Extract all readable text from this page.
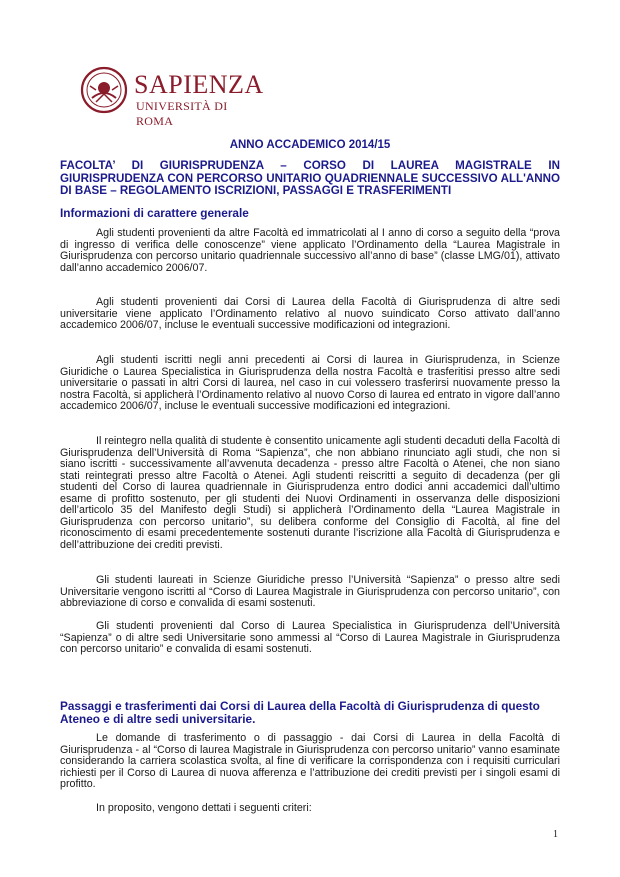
SAPIENZA
UNIVERSITÀ DI ROMA
ANNO ACCADEMICO 2014/15
FACOLTA’ DI GIURISPRUDENZA – CORSO DI LAUREA MAGISTRALE IN GIURISPRUDENZA CON PERCORSO UNITARIO QUADRIENNALE SUCCESSIVO ALL'ANNO DI BASE – REGOLAMENTO ISCRIZIONI, PASSAGGI E TRASFERIMENTI
Informazioni di carattere generale
Agli studenti provenienti da altre Facoltà ed immatricolati al I anno di corso a seguito della “prova di ingresso di verifica delle conoscenze” viene applicato l’Ordinamento della “Laurea Magistrale in Giurisprudenza con percorso unitario quadriennale successivo all’anno di base” (classe LMG/01), attivato dall’anno accademico 2006/07.
Agli studenti provenienti dai Corsi di Laurea della Facoltà di Giurisprudenza di altre sedi universitarie viene applicato l’Ordinamento relativo al nuovo suindicato Corso attivato dall’anno accademico 2006/07, incluse le eventuali successive modificazioni od integrazioni.
Agli studenti iscritti negli anni precedenti ai Corsi di laurea in Giurisprudenza, in Scienze Giuridiche o Laurea Specialistica in Giurisprudenza della nostra Facoltà e trasferitisi presso altre sedi universitarie o passati in altri Corsi di laurea, nel caso in cui volessero trasferirsi nuovamente presso la nostra Facoltà, si applicherà l’Ordinamento relativo al nuovo Corso di laurea ed entrato in vigore dall’anno accademico 2006/07, incluse le eventuali successive modificazioni ed integrazioni.
Il reintegro nella qualità di studente è consentito unicamente agli studenti decaduti della Facoltà di Giurisprudenza dell’Università di Roma “Sapienza”, che non abbiano rinunciato agli studi, che non si siano iscritti - successivamente all’avvenuta decadenza - presso altre Facoltà o Atenei, che non siano stati reintegrati presso altre Facoltà o Atenei. Agli studenti reiscritti a seguito di decadenza (per gli studenti del Corso di laurea quadriennale in Giurisprudenza entro dodici anni accademici dall’ultimo esame di profitto sostenuto, per gli studenti dei Nuovi Ordinamenti in osservanza delle disposizioni dell’articolo 35 del Manifesto degli Studi) si applicherà l’Ordinamento della “Laurea Magistrale in Giurisprudenza con percorso unitario”, su delibera conforme del Consiglio di Facoltà, al fine del riconoscimento di esami precedentemente sostenuti durante l’iscrizione alla Facoltà di Giurisprudenza e dell’attribuzione dei crediti previsti.
Gli studenti laureati in Scienze Giuridiche presso l’Università “Sapienza” o presso altre sedi Universitarie vengono iscritti al “Corso di Laurea Magistrale in Giurisprudenza con percorso unitario”, con abbreviazione di corso e convalida di esami sostenuti.
Gli studenti provenienti dal Corso di Laurea Specialistica in Giurisprudenza dell’Università “Sapienza” o di altre sedi Universitarie sono ammessi al “Corso di Laurea Magistrale in Giurisprudenza con percorso unitario” e convalida di esami sostenuti.
Passaggi e trasferimenti dai Corsi di Laurea della Facoltà di Giurisprudenza di questo Ateneo e di altre sedi universitarie.
Le domande di trasferimento o di passaggio - dai Corsi di Laurea in della Facoltà di Giurisprudenza - al “Corso di laurea Magistrale in Giurisprudenza con percorso unitario” vanno esaminate considerando la carriera scolastica svolta, al fine di verificare la corrispondenza con i requisiti curriculari richiesti per il Corso di Laurea di nuova afferenza e l’attribuzione dei crediti previsti per i singoli esami di profitto.
In proposito, vengono dettati i seguenti criteri:
1
